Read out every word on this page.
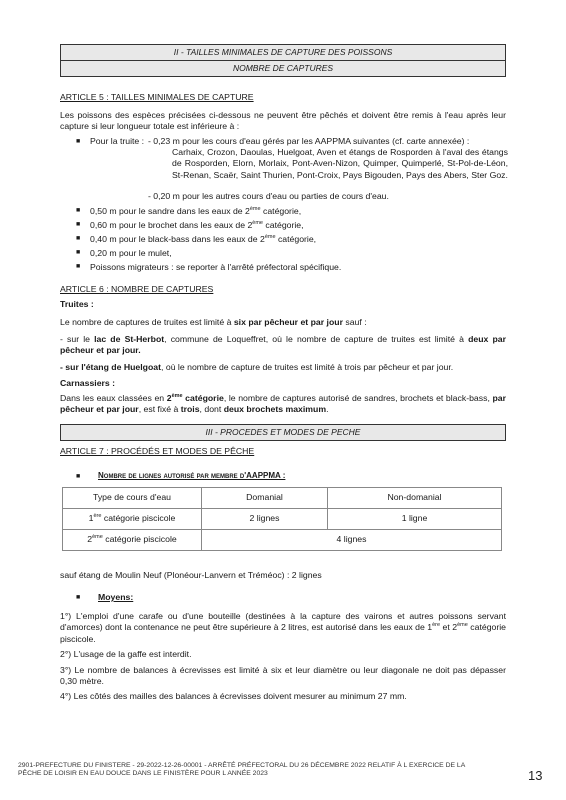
II - TAILLES MINIMALES DE CAPTURE DES POISSONS
NOMBRE DE CAPTURES
ARTICLE 5 : TAILLES MINIMALES DE CAPTURE

Les poissons des espèces précisées ci-dessous ne peuvent être pêchés et doivent être remis à l'eau après leur capture si leur longueur totale est inférieure à :

■ Pour la truite : - 0,23 m pour les cours d'eau gérés par les AAPPMA suivantes (cf. carte annexée) :
Carhaix, Crozon, Daoulas, Huelgoat, Aven et étangs de Rosporden à l'aval des étangs de Rosporden, Elorn, Morlaix, Pont-Aven-Nizon, Quimper, Quimperlé, St-Pol-de-Léon, St-Renan, Scaër, Saint Thurien, Pont-Croix, Pays Bigouden, Pays des Abers, Ster Goz.
- 0,20 m pour les autres cours d'eau ou parties de cours d'eau.
■ 0,50 m pour le sandre dans les eaux de 2ème catégorie,
■ 0,60 m pour le brochet dans les eaux de 2ème catégorie,
■ 0,40 m pour le black-bass dans les eaux de 2ème catégorie,
■ 0,20 m pour le mulet,
■ Poissons migrateurs : se reporter à l'arrêté préfectoral spécifique.
ARTICLE 6 : NOMBRE DE CAPTURES
Truites :

Le nombre de captures de truites est limité à six par pêcheur et par jour sauf :

- sur le lac de St-Herbot, commune de Loqueffret, où le nombre de capture de truites est limité à deux par pêcheur et par jour.

- sur l'étang de Huelgoat, où le nombre de capture de truites est limité à trois par pêcheur et par jour.

Carnassiers :

Dans les eaux classées en 2ème catégorie, le nombre de captures autorisé de sandres, brochets et black-bass, par pêcheur et par jour, est fixé à trois, dont deux brochets maximum.

III - PROCEDES ET MODES DE PECHE
ARTICLE 7 : PROCÉDÉS ET MODES DE PÊCHE
■ Nombre de lignes autorisé par membre d'AAPPMA :
Type de cours d'eau	Domanial	Non-domanial
1ère catégorie piscicole	2 lignes	1 ligne
2ème catégorie piscicole	4 lignes	
sauf étang de Moulin Neuf (Plonéour-Lanvern et Tréméoc) : 2 lignes
■ Moyens:

1°) L'emploi d'une carafe ou d'une bouteille (destinées à la capture des vairons et autres poissons servant d'amorces) dont la contenance ne peut être supérieure à 2 litres, est autorisé dans les eaux de 1ère et 2ème catégorie piscicole.

2°) L'usage de la gaffe est interdit.

3°) Le nombre de balances à écrevisses est limité à six et leur diamètre ou leur diagonale ne doit pas dépasser 0,30 mètre.

4°) Les côtés des mailles des balances à écrevisses doivent mesurer au minimum 27 mm.

2901-PREFECTURE DU FINISTERE - 29-2022-12-26-00001 - ARRÊTÉ PRÉFECTORAL DU 26 DÉCEMBRE 2022 RELATIF À L EXERCICE DE LA
PÊCHE DE LOISIR EN EAU DOUCE DANS LE FINISTÈRE POUR L ANNÉE 2023	13
